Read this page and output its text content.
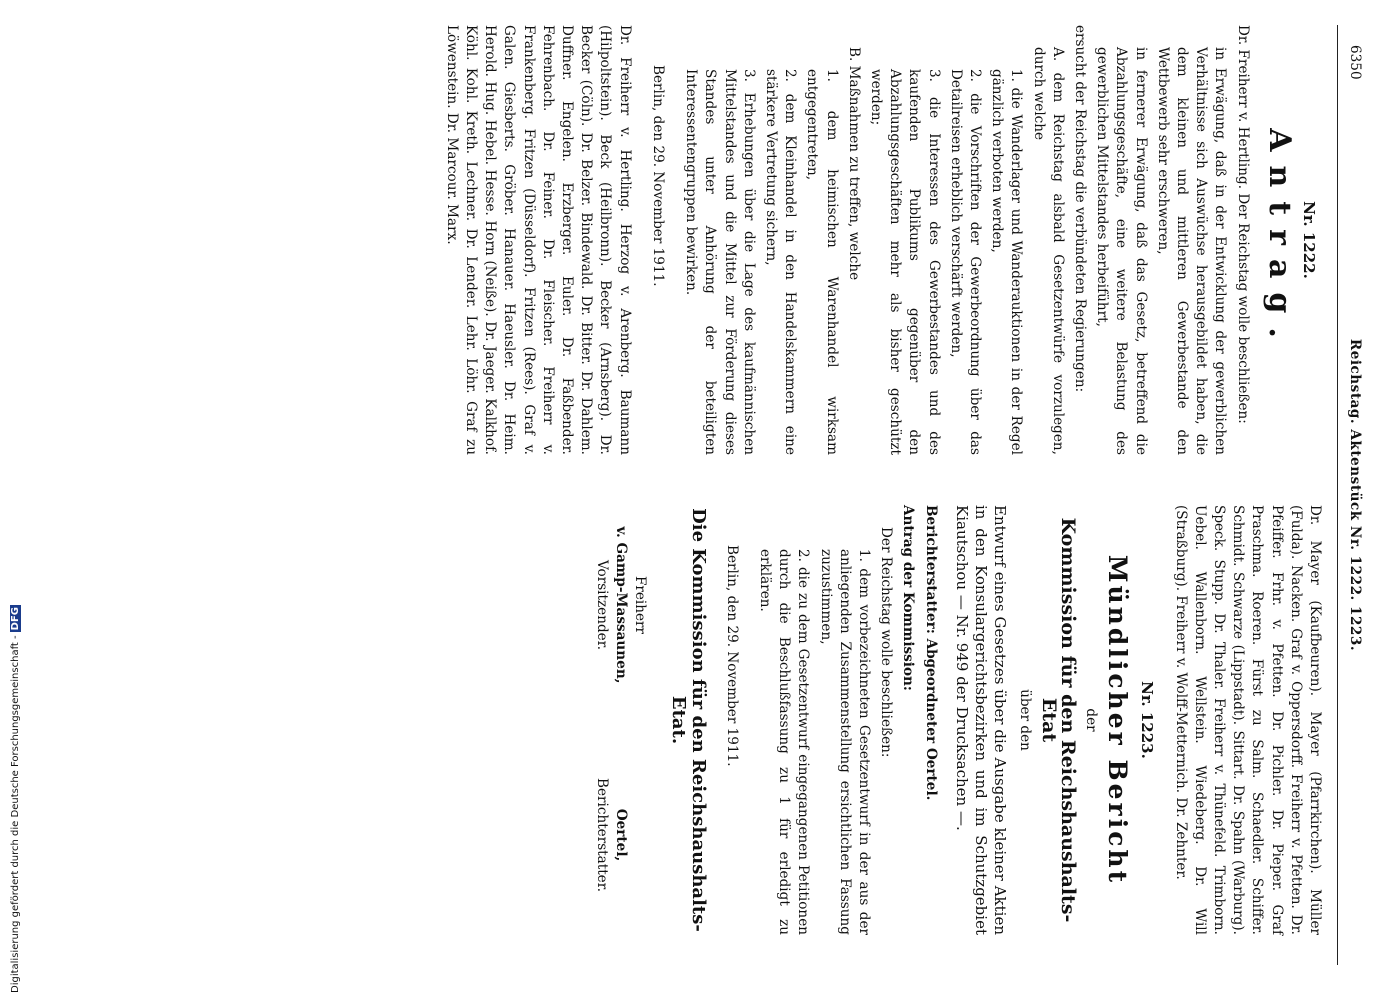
6350
Reichstag. Aktenstück Nr. 1222. 1223.
Nr. 1222.
Antrag.

Dr. Freiherr v. Hertling. Der Reichstag wolle beschließen:

in Erwägung, daß in der Entwicklung der gewerblichen Verhältnisse sich Auswüchse herausgebildet haben, die dem kleinen und mittleren Gewerbestande den Wettbewerb sehr erschweren,

in fernerer Erwägung, daß das Gesetz, betreffend die Abzahlungsgeschäfte, eine weitere Belastung des gewerblichen Mittelstandes herbeiführt,

ersucht der Reichstag die verbündeten Regierungen:

A. dem Reichstag alsbald Gesetzentwürfe vorzulegen, durch welche

1. die Wanderlager und Wanderauktionen in der Regel gänzlich verboten werden,

2. die Vorschriften der Gewerbeordnung über das Detailreisen erheblich verschärft werden,

3. die Interessen des Gewerbestandes und des kaufenden Publikums gegenüber den Abzahlungsgeschäften mehr als bisher geschützt werden;

B. Maßnahmen zu treffen, welche

1. dem heimischen Warenhandel wirksam entgegentreten,

2. dem Kleinhandel in den Handelskammern eine stärkere Vertretung sichern,

3. Erhebungen über die Lage des kaufmännischen Mittelstandes und die Mittel zur Förderung dieses Standes unter Anhörung der beteiligten Interessentengruppen bewirken.

Berlin, den 29. November 1911.

Dr. Freiherr v. Hertling. Herzog v. Arenberg. Baumann (Hilpoltstein). Beck (Heilbronn). Becker (Arnsberg). Dr. Becker (Cöln). Dr. Belzer. Bindewald. Dr. Bitter. Dr. Dahlem. Duffner. Engelen. Erzberger. Euler. Dr. Faßbender. Fehrenbach. Dr. Feiner. Dr. Fleischer. Freiherr v. Frankenberg. Fritzen (Düsseldorf). Fritzen (Rees). Graf v. Galen. Giesberts. Gröber. Hanauer. Haeusler. Dr. Heim. Herold. Hug. Hebel. Hesse. Horn (Neiße). Dr. Jaeger. Kalkhof. Köhl. Kohl. Kreth. Lechner. Dr. Lender. Lehr. Löhr. Graf zu Löwenstein. Dr. Marcour. Marx.

Dr. Mayer (Kaufbeuren). Mayer (Pfarrkirchen). Müller (Fulda). Nacken. Graf v. Oppersdorff. Freiherr v. Pfetten. Dr. Pfeiffer. Frhr. v. Pfetten. Dr. Pichler. Dr. Pieper. Graf Praschma. Roeren. Fürst zu Salm. Schaedler. Schiffer. Schmidt. Schwarze (Lippstadt). Sittart. Dr. Spahn (Warburg). Speck. Stupp. Dr. Thaler. Freiherr v. Thünefeld. Trimborn. Uebel. Wallenborn. Wellstein. Wiedeberg. Dr. Will (Straßburg). Freiherr v. Wolff-Metternich. Dr. Zehnter.

Nr. 1223.
Mündlicher Bericht
der
Kommission für den Reichshaushalts-Etat
über den

Entwurf eines Gesetzes über die Ausgabe kleiner Aktien in den Konsulargerichtsbezirken und im Schutzgebiet Kiautschou — Nr. 949 der Drucksachen —.

Berichterstatter: Abgeordneter Oertel.

Antrag der Kommission:

Der Reichstag wolle beschließen:

1. dem vorbezeichneten Gesetzentwurf in der aus der anliegenden Zusammenstellung ersichtlichen Fassung zuzustimmen,

2. die zu dem Gesetzentwurf eingegangenen Petitionen durch die Beschlußfassung zu 1 für erledigt zu erklären.

Berlin, den 29. November 1911.
Die Kommission für den Reichshaushalts-Etat.
Freiherr
v. Gamp-Massaunen,
Vorsitzender.
Oertel,
Berichterstatter.
Digitalisierung gefördert durch die Deutsche Forschungsgemeinschaft -DFG
